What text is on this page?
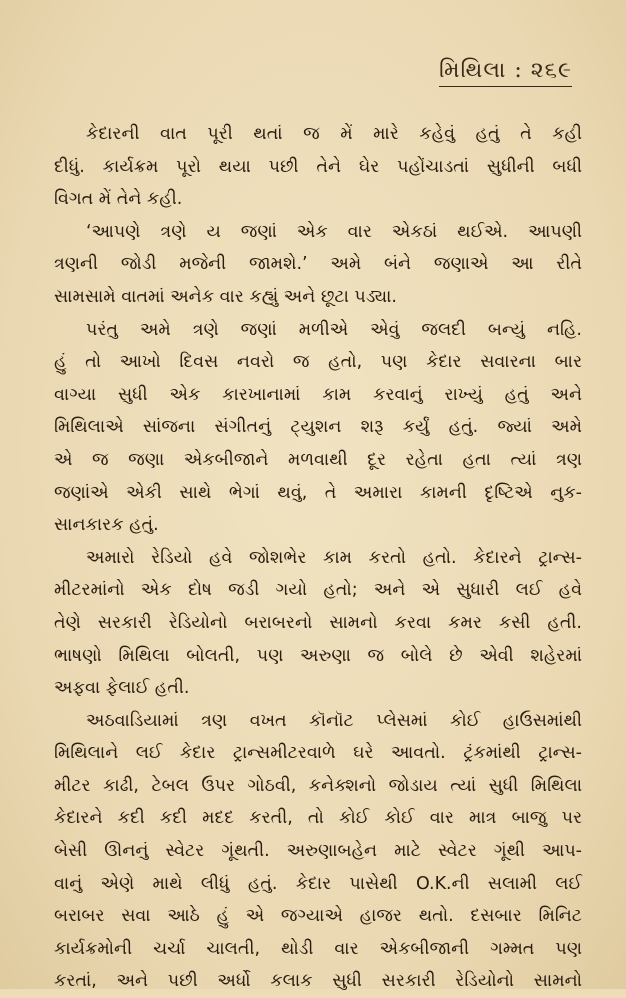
મિથિલા : ૨૬૯

કેદારની વાત પૂરી થતાં જ મેં મારે કહેવું હતું તે કહી
દીધું. કાર્યક્રમ પૂરો થયા પછી તેને ઘેર પહોંચાડતાં સુધીની બધી
વિગત મેં તેને કહી.

‘આપણે ત્રણે ય જણાં એક વાર એકઠાં થઈએ. આપણી
ત્રણની જોડી મજેની જામશે.’ અમે બંને જણાએ આ રીતે
સામસામે વાતમાં અનેક વાર કહ્યું અને છૂટા પડ્યા.

પરંતુ અમે ત્રણે જણાં મળીએ એવું જલદી બન્યું નહિ.
હું તો આખો દિવસ નવરો જ હતો, પણ કેદાર સવારના બાર
વાગ્યા સુધી એક કારખાનામાં કામ કરવાનું રાખ્યું હતું અને
મિથિલાએ સાંજના સંગીતનું ટ્યુશન શરૂ કર્યું હતું. જ્યાં અમે
એ જ જણા એકબીજાને મળવાથી દૂર રહેતા હતા ત્યાં ત્રણ
જણાંએ એકી સાથે ભેગાં થવું, તે અમારા કામની દૃષ્ટિએ નુક-
સાનકારક હતું.

અમારો રેડિયો હવે જોશભેર કામ કરતો હતો. કેદારને ટ્રાન્સ-
મીટરમાંનો એક દોષ જડી ગયો હતો; અને એ સુધારી લઈ હવે
તેણે સરકારી રેડિયોનો બરાબરનો સામનો કરવા કમર કસી હતી.
ભાષણો મિથિલા બોલતી, પણ અરુણા જ બોલે છે એવી શહેરમાં
અફવા ફેલાઈ હતી.

અઠવાડિયામાં ત્રણ વખત કૉનૉટ પ્લેસમાં કોઈ હાઉસમાંથી
મિથિલાને લઈ કેદાર ટ્રાન્સમીટરવાળે ઘરે આવતો. ટ્રંકમાંથી ટ્રાન્સ-
મીટર કાઢી, ટેબલ ઉપર ગોઠવી, કનેક્શનો જોડાય ત્યાં સુધી મિથિલા
કેદારને કદી કદી મદદ કરતી, તો કોઈ કોઈ વાર માત્ર બાજુ પર
બેસી ઊનનું સ્વેટર ગૂંથતી. અરુણાબહેન માટે સ્વેટર ગૂંથી આપ-
વાનું એણે માથે લીધું હતું. કેદાર પાસેથી O.K.ની સલામી લઈ
બરાબર સવા આઠે હું એ જગ્યાએ હાજર થતો. દસબાર મિનિટ
કાર્યક્રમોની ચર્ચા ચાલતી, થોડી વાર એકબીજાની ગમ્મત પણ
કરતાં, અને પછી અર્ધો કલાક સુધી સરકારી રેડિયોનો સામનો
